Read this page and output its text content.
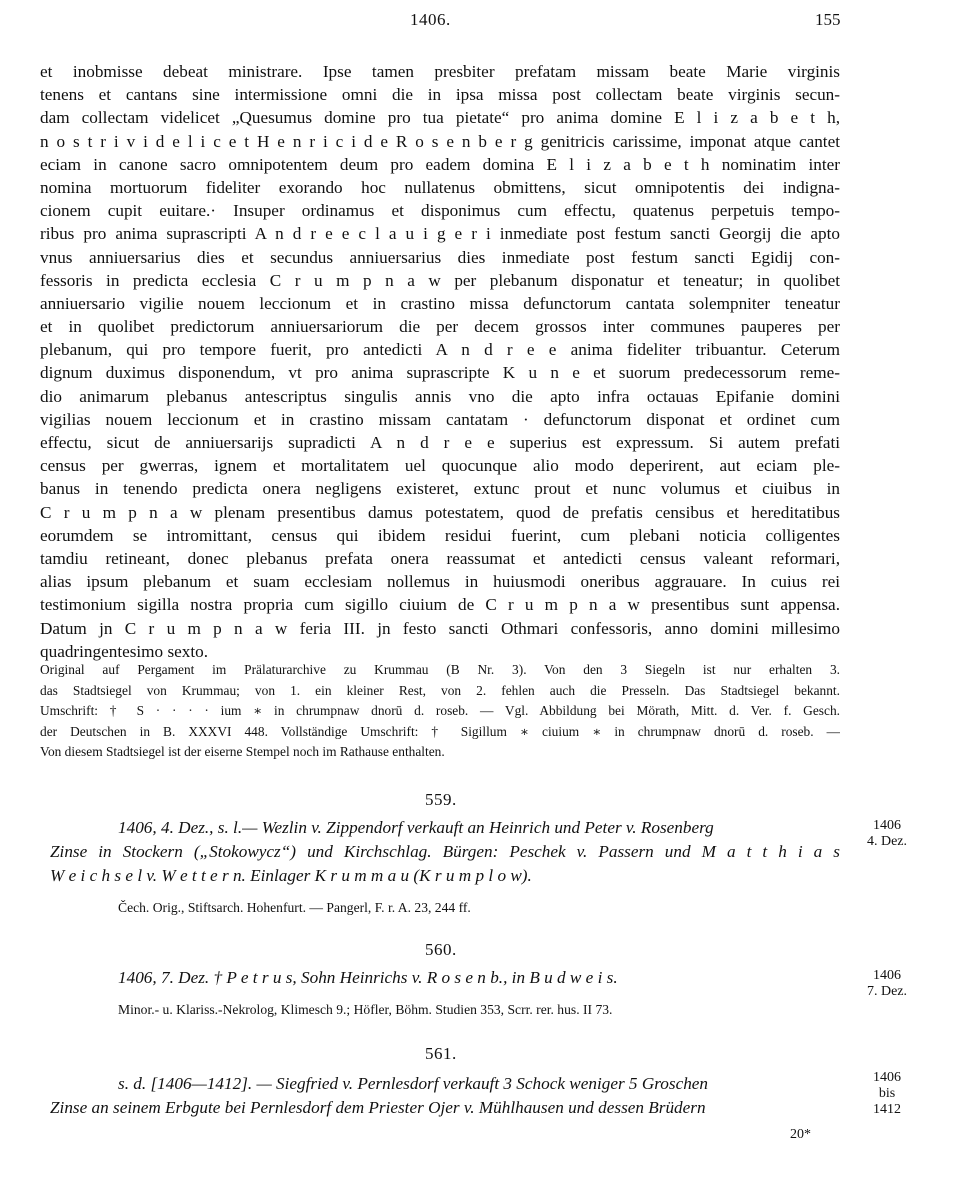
1406.	155
et inobmisse debeat ministrare. Ipse tamen presbiter prefatam missam beate Marie virginis
tenens et cantans sine intermissione omni die in ipsa missa post collectam beate virginis secun-
dam collectam videlicet „Quesumus domine pro tua pietate“ pro anima domine E l i z a b e t h,
n o s t r i v i d e l i c e t H e n r i c i d e R o s e n b e r g genitricis carissime, imponat atque cantet
eciam in canone sacro omnipotentem deum pro eadem domina E l i z a b e t h nominatim inter
nomina mortuorum fideliter exorando hoc nullatenus obmittens, sicut omnipotentis dei indigna-
cionem cupit euitare.· Insuper ordinamus et disponimus cum effectu, quatenus perpetuis tempo-
ribus pro anima suprascripti A n d r e e c l a u i g e r i inmediate post festum sancti Georgij die apto
vnus anniuersarius dies et secundus anniuersarius dies inmediate post festum sancti Egidij con-
fessoris in predicta ecclesia C r u m p n a w per plebanum disponatur et teneatur; in quolibet
anniuersario vigilie nouem leccionum et in crastino missa defunctorum cantata solempniter teneatur
et in quolibet predictorum anniuersariorum die per decem grossos inter communes pauperes per
plebanum, qui pro tempore fuerit, pro antedicti A n d r e e anima fideliter tribuantur. Ceterum
dignum duximus disponendum, vt pro anima suprascripte K u n e et suorum predecessorum reme-
dio animarum plebanus antescriptus singulis annis vno die apto infra octauas Epifanie domini
vigilias nouem leccionum et in crastino missam cantatam · defunctorum disponat et ordinet cum
effectu, sicut de anniuersarijs supradicti A n d r e e superius est expressum. Si autem prefati
census per gwerras, ignem et mortalitatem uel quocunque alio modo deperirent, aut eciam ple-
banus in tenendo predicta onera negligens existeret, extunc prout et nunc volumus et ciuibus in
C r u m p n a w plenam presentibus damus potestatem, quod de prefatis censibus et hereditatibus
eorumdem se intromittant, census qui ibidem residui fuerint, cum plebani noticia colligentes
tamdiu retineant, donec plebanus prefata onera reassumat et antedicti census valeant reformari,
alias ipsum plebanum et suam ecclesiam nollemus in huiusmodi oneribus aggrauare. In cuius rei
testimonium sigilla nostra propria cum sigillo ciuium de C r u m p n a w presentibus sunt appensa.
Datum jn C r u m p n a w feria III. jn festo sancti Othmari confessoris, anno domini millesimo
quadringentesimo sexto.
Original auf Pergament im Prälaturarchive zu Krummau (B Nr. 3). Von den 3 Siegeln ist nur erhalten 3.
das Stadtsiegel von Krummau; von 1. ein kleiner Rest, von 2. fehlen auch die Presseln. Das Stadtsiegel bekannt.
Umschrift: † S · · · · ium ∗ in chrumpnaw dnorū d. roseb. — Vgl. Abbildung bei Mörath, Mitt. d. Ver. f. Gesch.
der Deutschen in B. XXXVI 448. Vollständige Umschrift: † Sigillum ∗ ciuium ∗ in chrumpnaw dnorū d. roseb. —
Von diesem Stadtsiegel ist der eiserne Stempel noch im Rathause enthalten.
559.
1406, 4. Dez., s. l.— Wezlin v. Zippendorf verkauft an Heinrich und Peter v. Rosenberg
Zinse in Stockern („Stokowycz“) und Kirchschlag. Bürgen: Peschek v. Passern und M a t t h i a s
W e i c h s e l v. W e t t e r n. Einlager K r u m m a u (K r u m p l o w).
Čech. Orig., Stiftsarch. Hohenfurt. — Pangerl, F. r. A. 23, 244 ff.
1406
4. Dez.
560.
1406, 7. Dez. † P e t r u s, Sohn Heinrichs v. R o s e n b., in B u d w e i s.
Minor.- u. Klariss.-Nekrolog, Klimesch 9.; Höfler, Böhm. Studien 353, Scrr. rer. hus. II 73.
1406
7. Dez.
561.
s. d. [1406—1412]. — Siegfried v. Pernlesdorf verkauft 3 Schock weniger 5 Groschen
Zinse an seinem Erbgute bei Pernlesdorf dem Priester Ojer v. Mühlhausen und dessen Brüdern
1406
bis
1412
20*
